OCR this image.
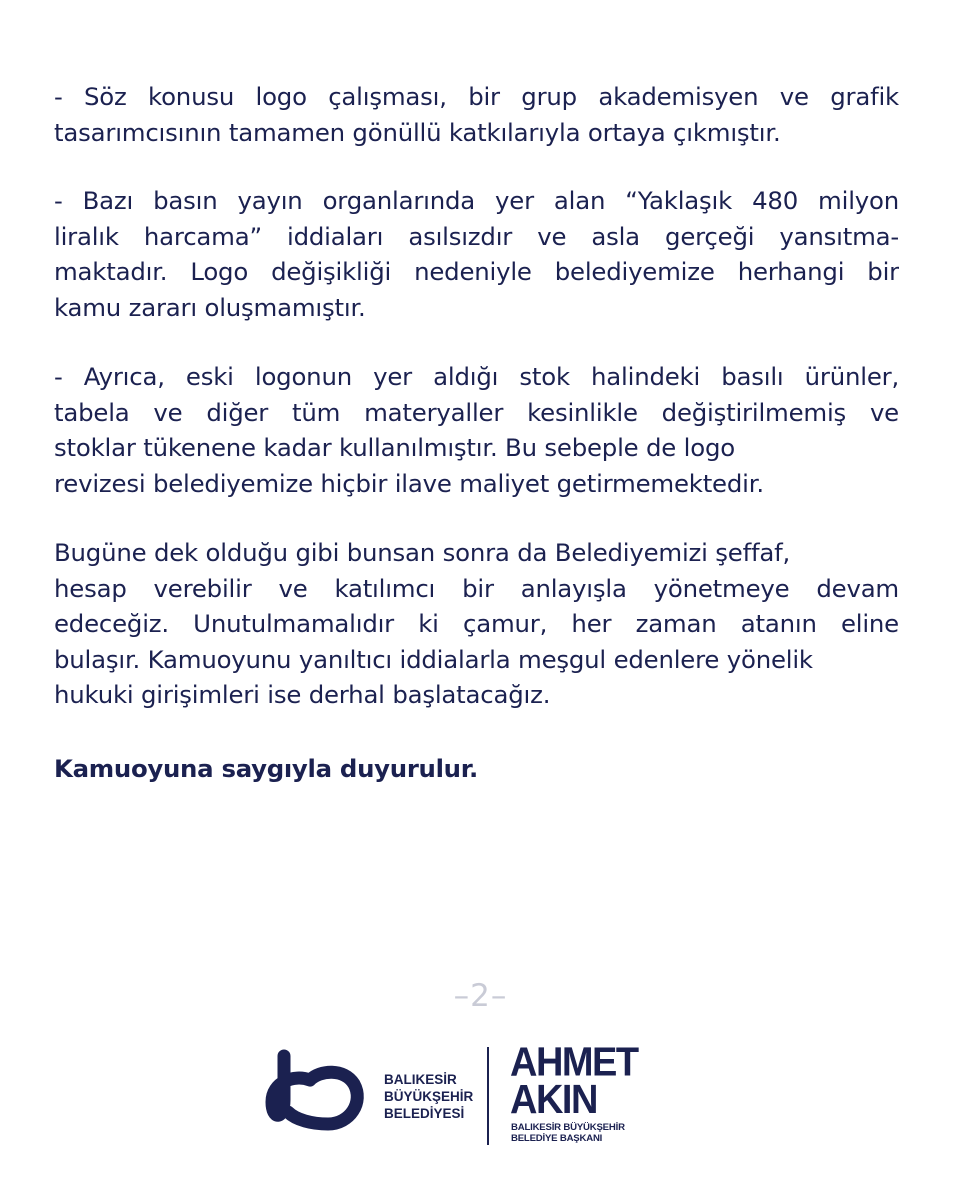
- Söz konusu logo çalışması, bir grup akademisyen ve grafik
tasarımcısının tamamen gönüllü katkılarıyla ortaya çıkmıştır.
- Bazı basın yayın organlarında yer alan “Yaklaşık 480 milyon
liralık harcama” iddiaları asılsızdır ve asla gerçeği yansıtma-
maktadır. Logo değişikliği nedeniyle belediyemize herhangi bir
kamu zararı oluşmamıştır.
- Ayrıca, eski logonun yer aldığı stok halindeki basılı ürünler,
tabela ve diğer tüm materyaller kesinlikle değiştirilmemiş ve
stoklar tükenene kadar kullanılmıştır. Bu sebeple de logo
revizesi belediyemize hiçbir ilave maliyet getirmemektedir.
Bugüne dek olduğu gibi bunsan sonra da Belediyemizi şeffaf,
hesap verebilir ve katılımcı bir anlayışla yönetmeye devam
edeceğiz. Unutulmamalıdır ki çamur, her zaman atanın eline
bulaşır. Kamuoyunu yanıltıcı iddialarla meşgul edenlere yönelik
hukuki girişimleri ise derhal başlatacağız.
Kamuoyuna saygıyla duyurulur.
–2–
BALIKESİR
BÜYÜKŞEHİR
BELEDİYESİ
AHMET
AKIN
BALIKESİR BÜYÜKŞEHİR
BELEDİYE BAŞKANI
